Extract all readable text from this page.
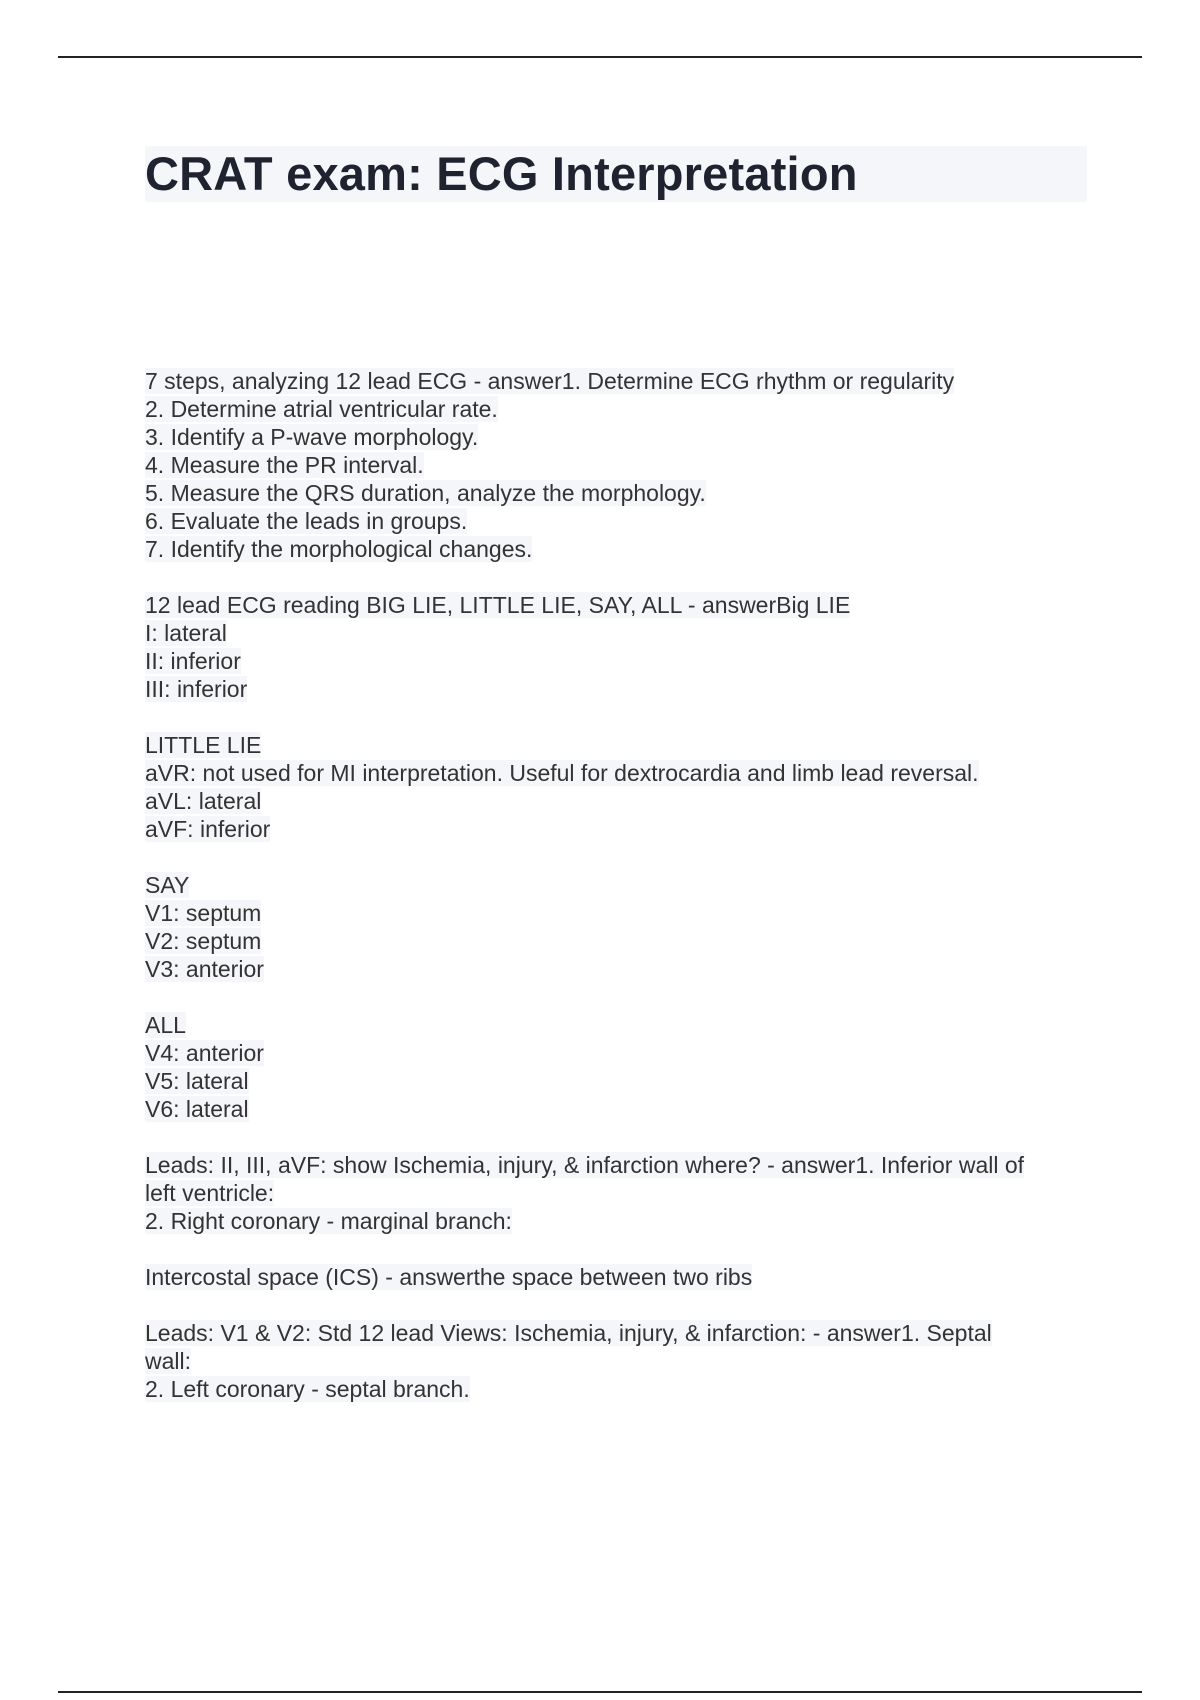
CRAT exam: ECG Interpretation
7 steps, analyzing 12 lead ECG - answer1. Determine ECG rhythm or regularity
2. Determine atrial ventricular rate.
3. Identify a P-wave morphology.
4. Measure the PR interval.
5. Measure the QRS duration, analyze the morphology.
6. Evaluate the leads in groups.
7. Identify the morphological changes.
12 lead ECG reading BIG LIE, LITTLE LIE, SAY, ALL - answerBig LIE
I: lateral
II: inferior
III: inferior
LITTLE LIE
aVR: not used for MI interpretation. Useful for dextrocardia and limb lead reversal.
aVL: lateral
aVF: inferior
SAY
V1: septum
V2: septum
V3: anterior
ALL
V4: anterior
V5: lateral
V6: lateral
Leads: II, III, aVF: show Ischemia, injury, & infarction where? - answer1. Inferior wall of
left ventricle:
2. Right coronary - marginal branch:
Intercostal space (ICS) - answerthe space between two ribs
Leads: V1 & V2: Std 12 lead Views: Ischemia, injury, & infarction: - answer1. Septal
wall:
2. Left coronary - septal branch.
